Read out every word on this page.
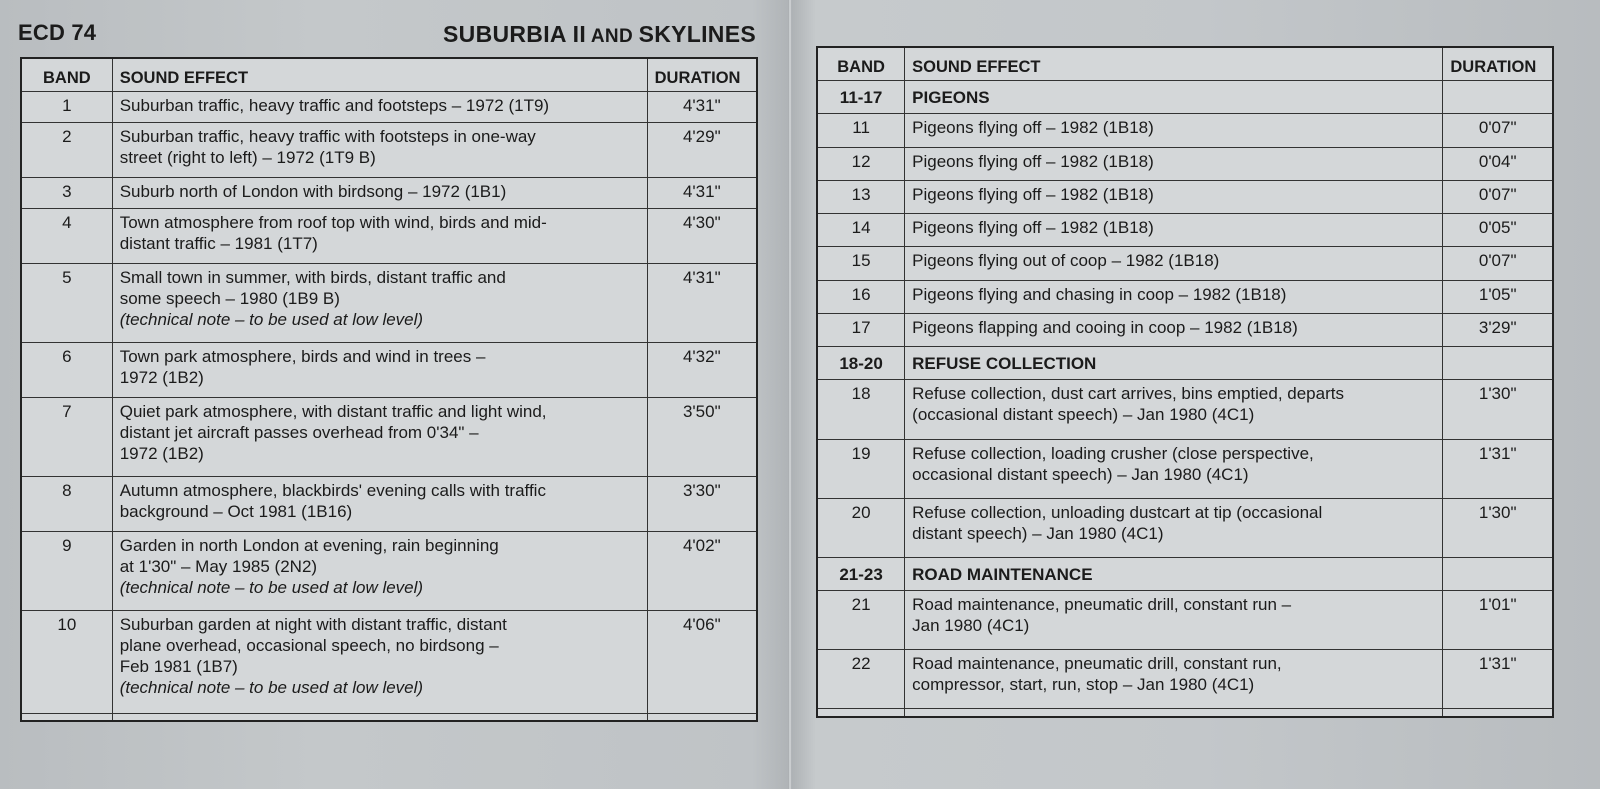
ECD 74	SUBURBIA II AND SKYLINES
BAND	SOUND EFFECT	DURATION
1	Suburban traffic, heavy traffic and footsteps – 1972 (1T9)	4'31"
2	Suburban traffic, heavy traffic with footsteps in one-way
street (right to left) – 1972 (1T9 B)	4'29"
3	Suburb north of London with birdsong – 1972 (1B1)	4'31"
4	Town atmosphere from roof top with wind, birds and mid-
distant traffic – 1981 (1T7)	4'30"
5	Small town in summer, with birds, distant traffic and
some speech – 1980 (1B9 B)
(technical note – to be used at low level)	4'31"
6	Town park atmosphere, birds and wind in trees –
1972 (1B2)	4'32"
7	Quiet park atmosphere, with distant traffic and light wind,
distant jet aircraft passes overhead from 0'34" –
1972 (1B2)	3'50"
8	Autumn atmosphere, blackbirds' evening calls with traffic
background – Oct 1981 (1B16)	3'30"
9	Garden in north London at evening, rain beginning
at 1'30" – May 1985 (2N2)
(technical note – to be used at low level)	4'02"
10	Suburban garden at night with distant traffic, distant
plane overhead, occasional speech, no birdsong –
Feb 1981 (1B7)
(technical note – to be used at low level)	4'06"

BAND	SOUND EFFECT	DURATION
11-17	PIGEONS	
11	Pigeons flying off – 1982 (1B18)	0'07"
12	Pigeons flying off – 1982 (1B18)	0'04"
13	Pigeons flying off – 1982 (1B18)	0'07"
14	Pigeons flying off – 1982 (1B18)	0'05"
15	Pigeons flying out of coop – 1982 (1B18)	0'07"
16	Pigeons flying and chasing in coop – 1982 (1B18)	1'05"
17	Pigeons flapping and cooing in coop – 1982 (1B18)	3'29"
18-20	REFUSE COLLECTION	
18	Refuse collection, dust cart arrives, bins emptied, departs
(occasional distant speech) – Jan 1980 (4C1)	1'30"
19	Refuse collection, loading crusher (close perspective,
occasional distant speech) – Jan 1980 (4C1)	1'31"
20	Refuse collection, unloading dustcart at tip (occasional
distant speech) – Jan 1980 (4C1)	1'30"
21-23	ROAD MAINTENANCE	
21	Road maintenance, pneumatic drill, constant run –
Jan 1980 (4C1)	1'01"
22	Road maintenance, pneumatic drill, constant run,
compressor, start, run, stop – Jan 1980 (4C1)	1'31"
